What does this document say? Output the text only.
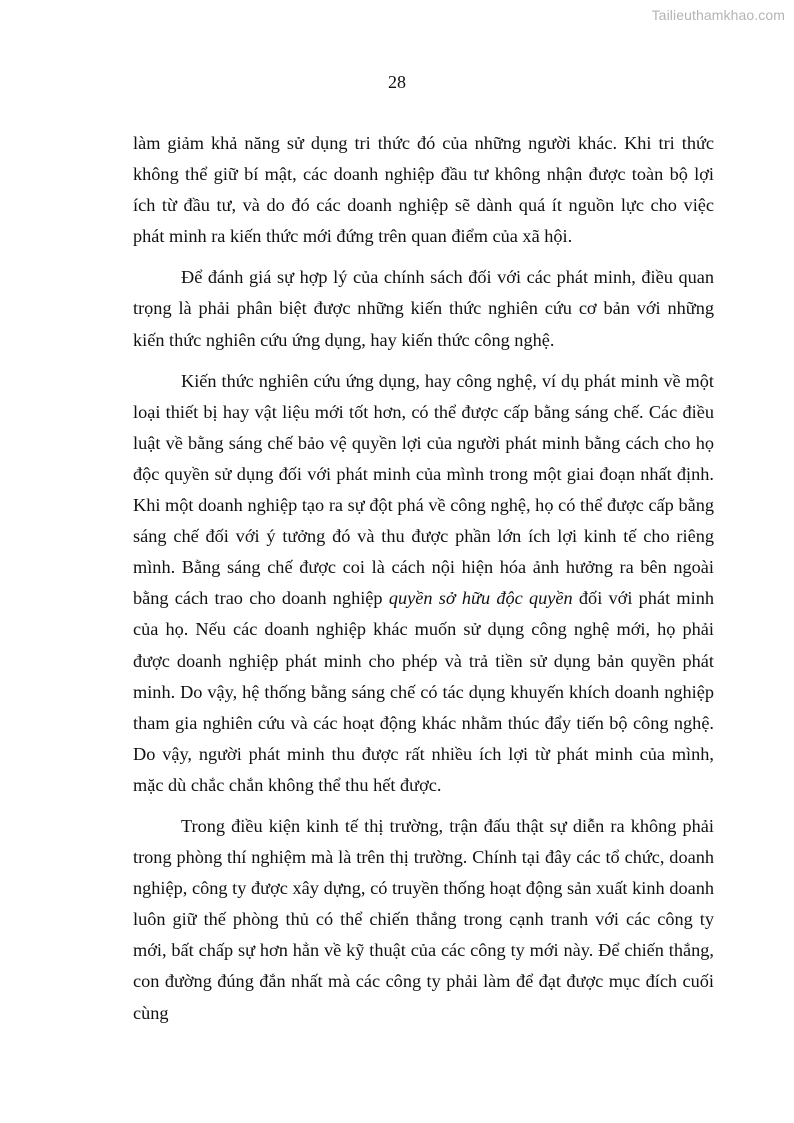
Tailieuthamkhao.com
28

làm giảm khả năng sử dụng tri thức đó của những người khác. Khi tri thức không thể giữ bí mật, các doanh nghiệp đầu tư không nhận được toàn bộ lợi ích từ đầu tư, và do đó các doanh nghiệp sẽ dành quá ít nguồn lực cho việc phát minh ra kiến thức mới đứng trên quan điểm của xã hội.

Để đánh giá sự hợp lý của chính sách đối với các phát minh, điều quan trọng là phải phân biệt được những kiến thức nghiên cứu cơ bản với những kiến thức nghiên cứu ứng dụng, hay kiến thức công nghệ.

Kiến thức nghiên cứu ứng dụng, hay công nghệ, ví dụ phát minh về một loại thiết bị hay vật liệu mới tốt hơn, có thể được cấp bằng sáng chế. Các điều luật về bằng sáng chế bảo vệ quyền lợi của người phát minh bằng cách cho họ độc quyền sử dụng đối với phát minh của mình trong một giai đoạn nhất định. Khi một doanh nghiệp tạo ra sự đột phá về công nghệ, họ có thể được cấp bằng sáng chế đối với ý tưởng đó và thu được phần lớn ích lợi kinh tế cho riêng mình. Bằng sáng chế được coi là cách nội hiện hóa ảnh hưởng ra bên ngoài bằng cách trao cho doanh nghiệp quyền sở hữu độc quyền đối với phát minh của họ. Nếu các doanh nghiệp khác muốn sử dụng công nghệ mới, họ phải được doanh nghiệp phát minh cho phép và trả tiền sử dụng bản quyền phát minh. Do vậy, hệ thống bằng sáng chế có tác dụng khuyến khích doanh nghiệp tham gia nghiên cứu và các hoạt động khác nhằm thúc đẩy tiến bộ công nghệ. Do vậy, người phát minh thu được rất nhiều ích lợi từ phát minh của mình, mặc dù chắc chắn không thể thu hết được.

Trong điều kiện kinh tế thị trường, trận đấu thật sự diễn ra không phải trong phòng thí nghiệm mà là trên thị trường. Chính tại đây các tổ chức, doanh nghiệp, công ty được xây dựng, có truyền thống hoạt động sản xuất kinh doanh luôn giữ thế phòng thủ có thể chiến thắng trong cạnh tranh với các công ty mới, bất chấp sự hơn hẳn về kỹ thuật của các công ty mới này. Để chiến thắng, con đường đúng đắn nhất mà các công ty phải làm để đạt được mục đích cuối cùng
